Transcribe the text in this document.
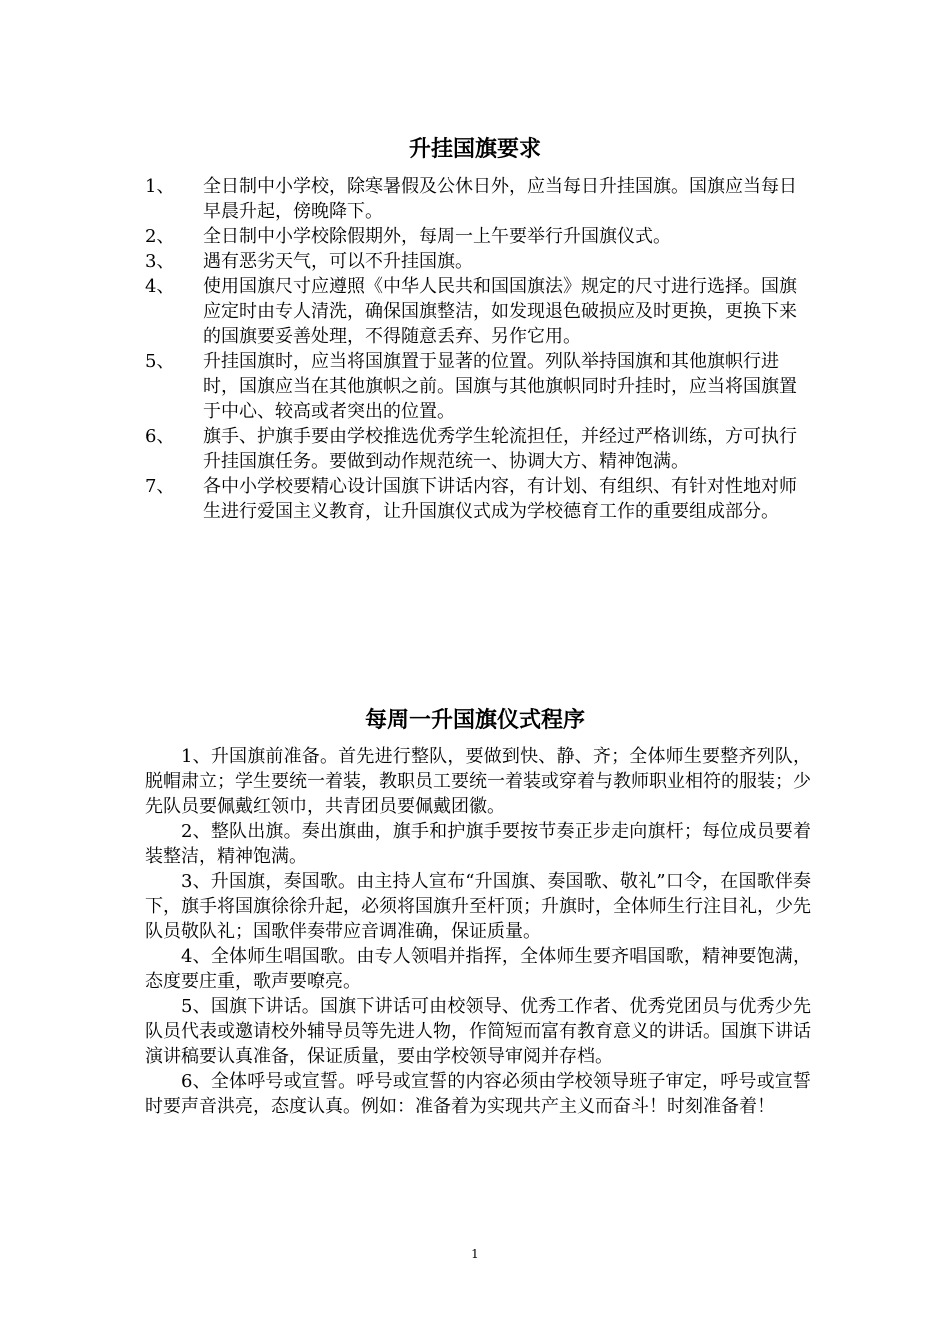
升挂国旗要求
1、	全日制中小学校，除寒暑假及公休日外，应当每日升挂国旗。国旗应当每日早晨升起，傍晚降下。
2、	全日制中小学校除假期外，每周一上午要举行升国旗仪式。
3、	遇有恶劣天气，可以不升挂国旗。
4、	使用国旗尺寸应遵照《中华人民共和国国旗法》规定的尺寸进行选择。国旗应定时由专人清洗，确保国旗整洁，如发现退色破损应及时更换，更换下来的国旗要妥善处理，不得随意丢弃、另作它用。
5、	升挂国旗时，应当将国旗置于显著的位置。列队举持国旗和其他旗帜行进时，国旗应当在其他旗帜之前。国旗与其他旗帜同时升挂时，应当将国旗置于中心、较高或者突出的位置。
6、	旗手、护旗手要由学校推选优秀学生轮流担任，并经过严格训练，方可执行升挂国旗任务。要做到动作规范统一、协调大方、精神饱满。
7、	各中小学校要精心设计国旗下讲话内容，有计划、有组织、有针对性地对师生进行爱国主义教育，让升国旗仪式成为学校德育工作的重要组成部分。
每周一升国旗仪式程序

1、升国旗前准备。首先进行整队，要做到快、静、齐；全体师生要整齐列队，脱帽肃立；学生要统一着装，教职员工要统一着装或穿着与教师职业相符的服装；少先队员要佩戴红领巾，共青团员要佩戴团徽。

2、整队出旗。奏出旗曲，旗手和护旗手要按节奏正步走向旗杆；每位成员要着装整洁，精神饱满。

3、升国旗，奏国歌。由主持人宣布“升国旗、奏国歌、敬礼”口令，在国歌伴奏下，旗手将国旗徐徐升起，必须将国旗升至杆顶；升旗时，全体师生行注目礼，少先队员敬队礼；国歌伴奏带应音调准确，保证质量。

4、全体师生唱国歌。由专人领唱并指挥，全体师生要齐唱国歌，精神要饱满，态度要庄重，歌声要嘹亮。

5、国旗下讲话。国旗下讲话可由校领导、优秀工作者、优秀党团员与优秀少先队员代表或邀请校外辅导员等先进人物，作简短而富有教育意义的讲话。国旗下讲话演讲稿要认真准备，保证质量，要由学校领导审阅并存档。

6、全体呼号或宣誓。呼号或宣誓的内容必须由学校领导班子审定，呼号或宣誓时要声音洪亮，态度认真。例如：准备着为实现共产主义而奋斗！时刻准备着！

1
